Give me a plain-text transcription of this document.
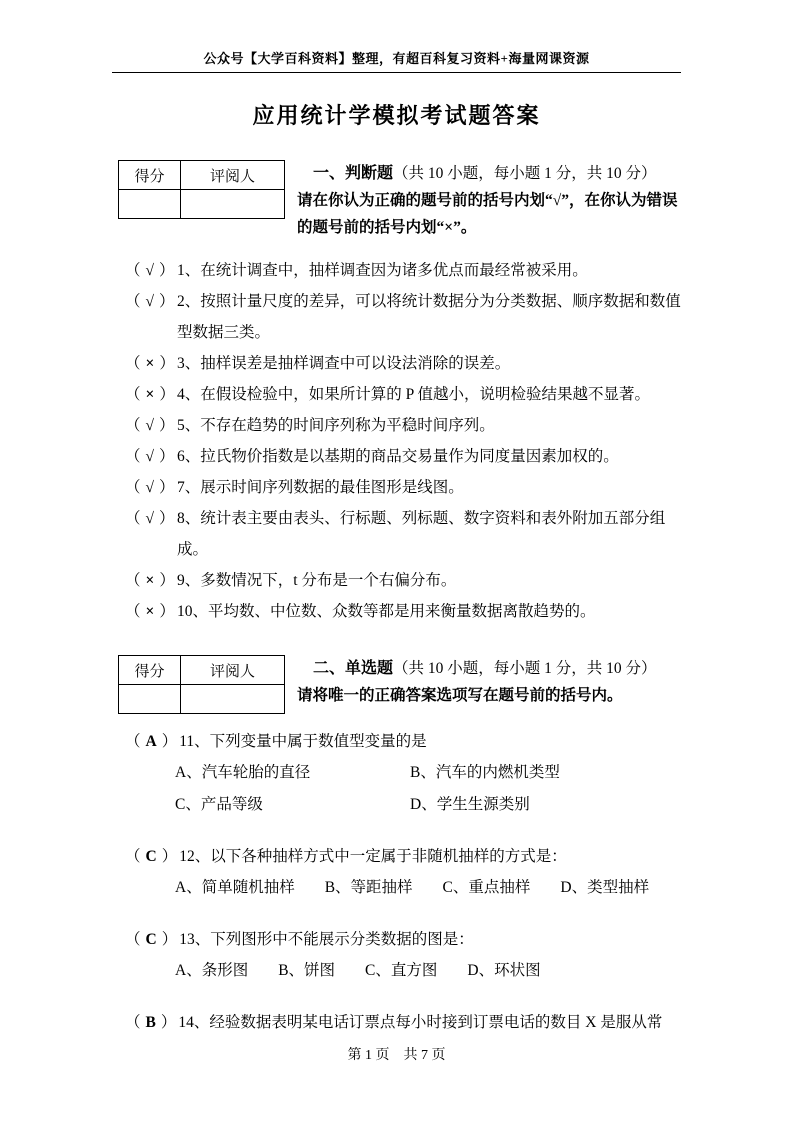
公众号【大学百科资料】整理，有超百科复习资料+海量网课资源
应用统计学模拟考试题答案
得分	评阅人
		一、判断题（共 10 小题，每小题 1 分，共 10 分）
请在你认为正确的题号前的括号内划“√”，在你认为错误的题号前的括号内划“×”。
（ √ ） 1、在统计调查中，抽样调查因为诸多优点而最经常被采用。
（ √ ） 2、按照计量尺度的差异，可以将统计数据分为分类数据、顺序数据和数值型数据三类。
（ × ） 3、抽样误差是抽样调查中可以设法消除的误差。
（ × ） 4、在假设检验中，如果所计算的 P 值越小，说明检验结果越不显著。
（ √ ） 5、不存在趋势的时间序列称为平稳时间序列。
（ √ ） 6、拉氏物价指数是以基期的商品交易量作为同度量因素加权的。
（ √ ） 7、展示时间序列数据的最佳图形是线图。
（ √ ） 8、统计表主要由表头、行标题、列标题、数字资料和表外附加五部分组成。
（ × ） 9、多数情况下，t 分布是一个右偏分布。
（ × ） 10、平均数、中位数、众数等都是用来衡量数据离散趋势的。
得分	评阅人
		二、单选题（共 10 小题，每小题 1 分，共 10 分）
请将唯一的正确答案选项写在题号前的括号内。
（ A ） 11、下列变量中属于数值型变量的是
A、汽车轮胎的直径	B、汽车的内燃机类型
C、产品等级	D、学生生源类别
（ C ） 12、以下各种抽样方式中一定属于非随机抽样的方式是：
A、简单随机抽样 B、等距抽样 C、重点抽样 D、类型抽样
（ C ） 13、下列图形中不能展示分类数据的图是：
A、条形图 B、饼图 C、直方图 D、环状图
（ B ） 14、经验数据表明某电话订票点每小时接到订票电话的数目 X 是服从常
第 1 页　共 7 页
